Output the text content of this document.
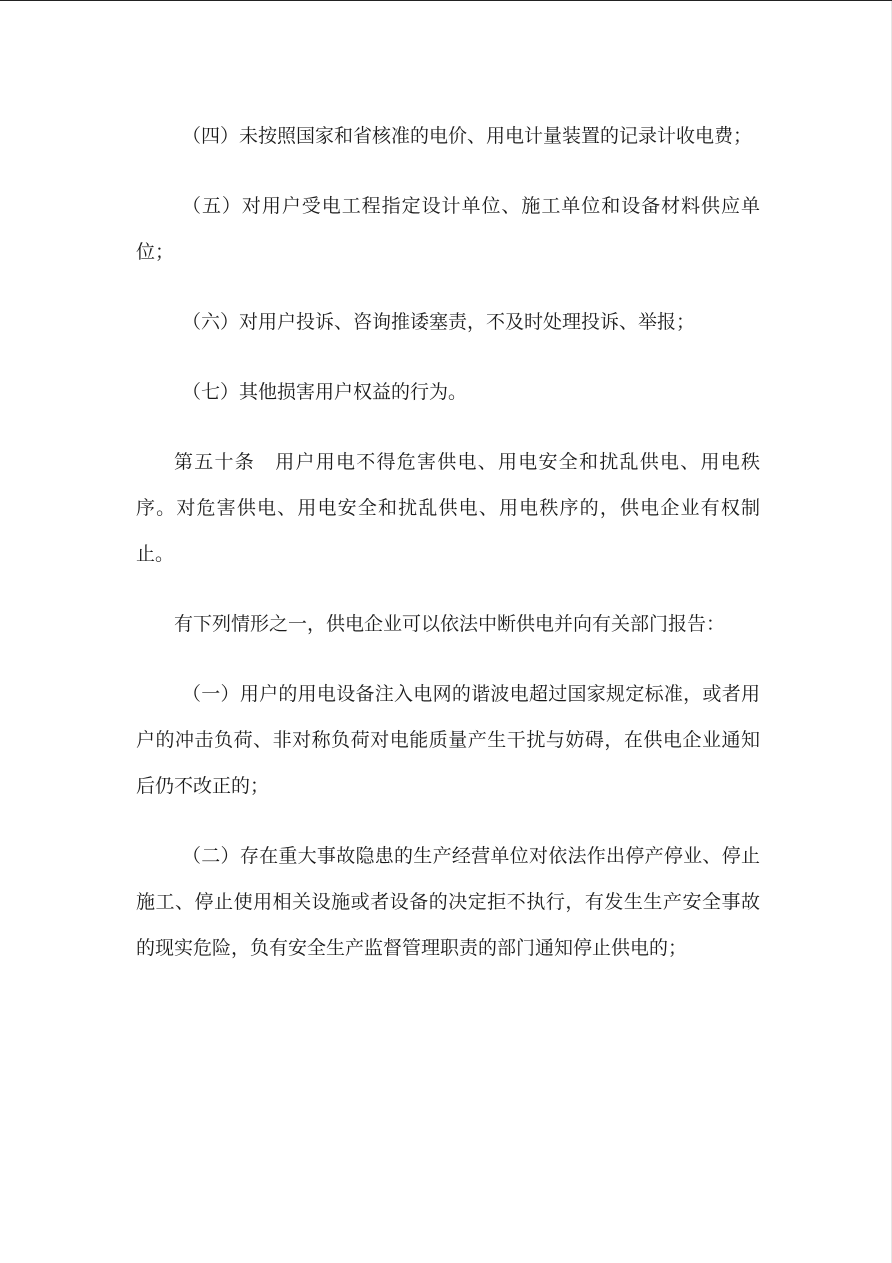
（四）未按照国家和省核准的电价、用电计量装置的记录计收电费；

（五）对用户受电工程指定设计单位、施工单位和设备材料供应单位；

（六）对用户投诉、咨询推诿塞责，不及时处理投诉、举报；

（七）其他损害用户权益的行为。

第五十条　用户用电不得危害供电、用电安全和扰乱供电、用电秩序。对危害供电、用电安全和扰乱供电、用电秩序的，供电企业有权制止。

有下列情形之一，供电企业可以依法中断供电并向有关部门报告：

（一）用户的用电设备注入电网的谐波电超过国家规定标准，或者用户的冲击负荷、非对称负荷对电能质量产生干扰与妨碍，在供电企业通知后仍不改正的；

（二）存在重大事故隐患的生产经营单位对依法作出停产停业、停止施工、停止使用相关设施或者设备的决定拒不执行，有发生生产安全事故的现实危险，负有安全生产监督管理职责的部门通知停止供电的；
